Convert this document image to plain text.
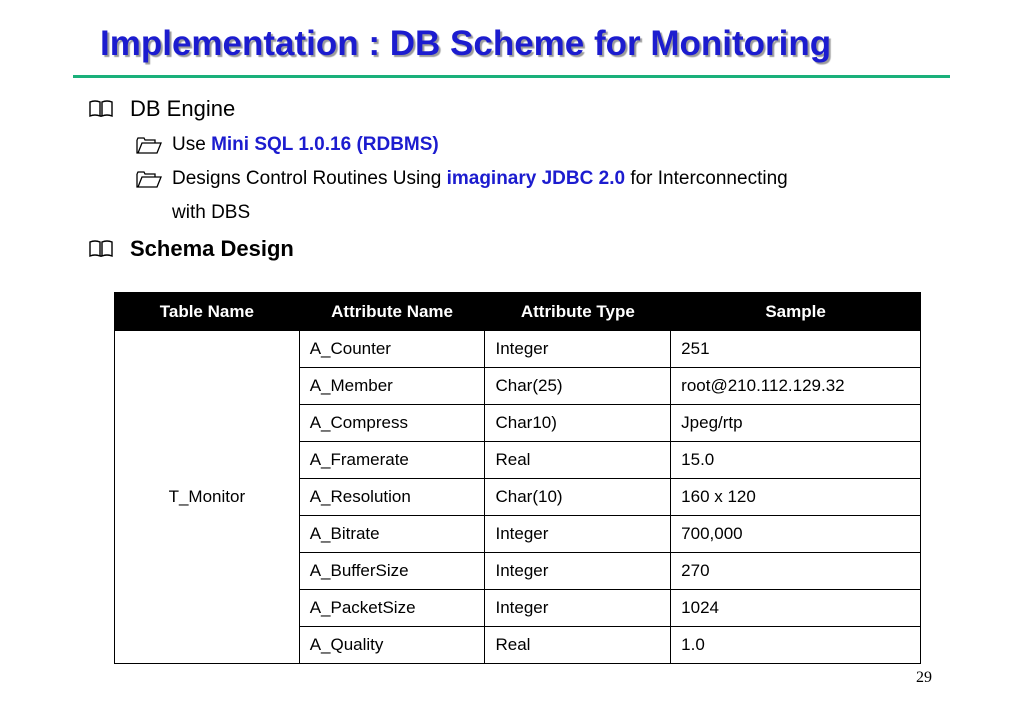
Implementation : DB Scheme for Monitoring
DB Engine
Use Mini SQL 1.0.16 (RDBMS)
Designs Control Routines Using imaginary JDBC 2.0 for Interconnecting
with DBS
Schema Design
Table Name	Attribute Name	Attribute Type	Sample
T_Monitor	A_Counter	Integer	251
	A_Member	Char(25)	root@210.112.129.32
	A_Compress	Char10)	Jpeg/rtp
	A_Framerate	Real	15.0
	A_Resolution	Char(10)	160 x 120
	A_Bitrate	Integer	700,000
	A_BufferSize	Integer	270
	A_PacketSize	Integer	1024
	A_Quality	Real	1.0
29
